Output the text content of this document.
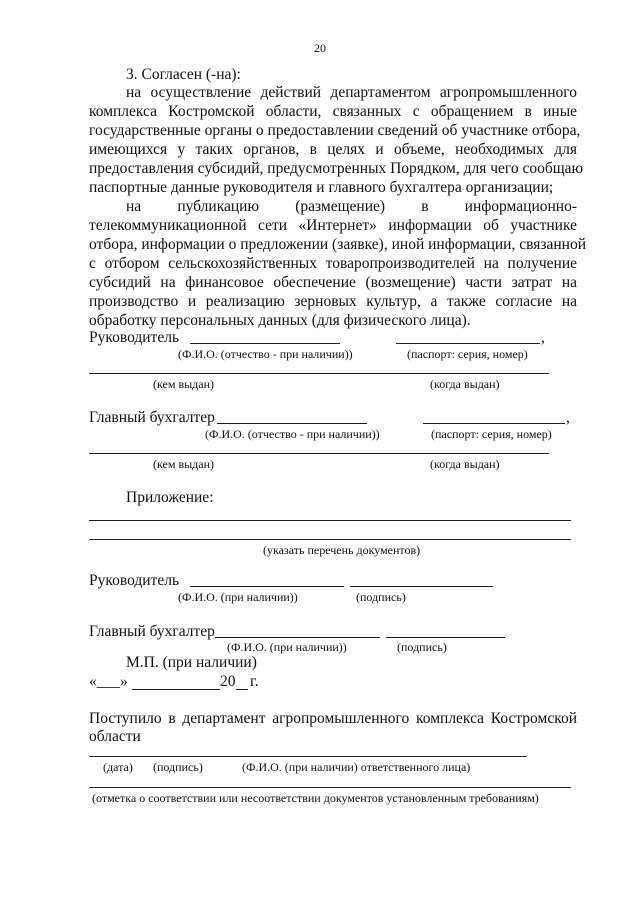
20
3. Согласен (-на):
на осуществление действий департаментом агропромышленного
комплекса Костромской области, связанных с обращением в иные
государственные органы о предоставлении сведений об участнике отбора,
имеющихся у таких органов, в целях и объеме, необходимых для
предоставления субсидий, предусмотренных Порядком, для чего сообщаю
паспортные данные руководителя и главного бухгалтера организации;
на публикацию (размещение) в информационно-
телекоммуникационной сети «Интернет» информации об участнике
отбора, информации о предложении (заявке), иной информации, связанной
с отбором сельскохозяйственных товаропроизводителей на получение
субсидий на финансовое обеспечение (возмещение) части затрат на
производство и реализацию зерновых культур, а также согласие на
обработку персональных данных (для физического лица).
Руководитель	,
(Ф.И.О. (отчество - при наличии))	(паспорт: серия, номер)
(кем выдан)	(когда выдан)
Главный бухгалтер	,
(Ф.И.О. (отчество - при наличии))	(паспорт: серия, номер)
(кем выдан)	(когда выдан)
Приложение:
(указать перечень документов)
Руководитель
(Ф.И.О. (при наличии))	(подпись)
Главный бухгалтер
(Ф.И.О. (при наличии))	(подпись)
М.П. (при наличии)
«___»	20 г.
Поступило в департамент агропромышленного комплекса Костромской
области
(дата) (подпись)	(Ф.И.О. (при наличии) ответственного лица)
(отметка о соответствии или несоответствии документов установленным требованиям)
